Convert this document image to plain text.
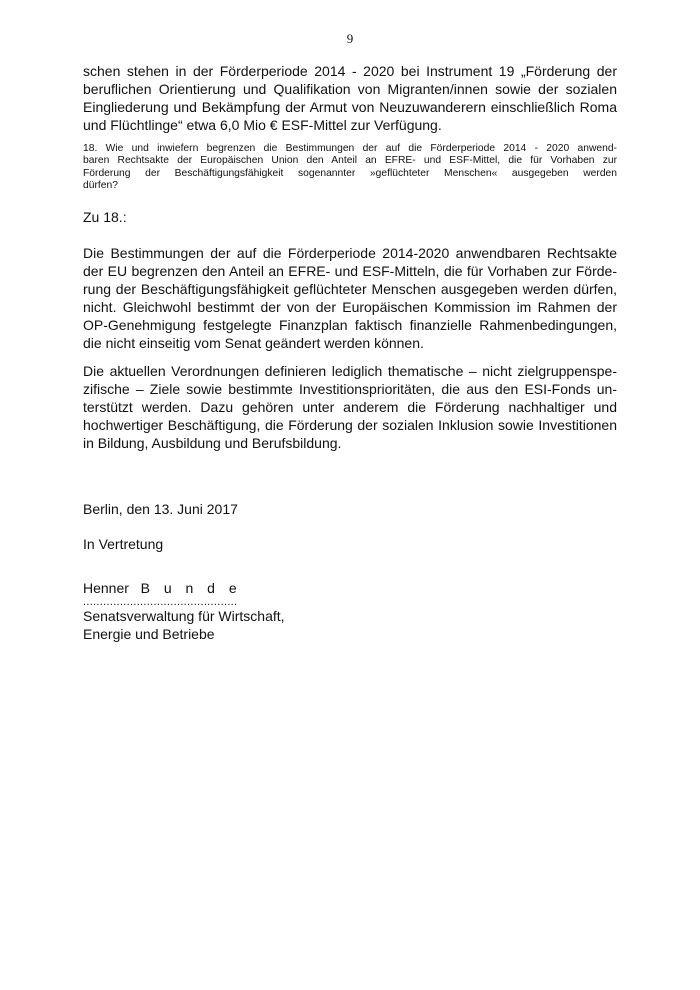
9

schen stehen in der Förderperiode 2014 - 2020 bei Instrument 19 „Förderung der
beruflichen Orientierung und Qualifikation von Migranten/innen sowie der sozialen
Eingliederung und Bekämpfung der Armut von Neuzuwanderern einschließlich Roma
und Flüchtlinge“ etwa 6,0 Mio € ESF-Mittel zur Verfügung.

18. Wie und inwiefern begrenzen die Bestimmungen der auf die Förderperiode 2014 - 2020 anwend-
baren Rechtsakte der Europäischen Union den Anteil an EFRE- und ESF-Mittel, die für Vorhaben zur
Förderung der Beschäftigungsfähigkeit sogenannter »geflüchteter Menschen« ausgegeben werden
dürfen?

Zu 18.:

Die Bestimmungen der auf die Förderperiode 2014-2020 anwendbaren Rechtsakte
der EU begrenzen den Anteil an EFRE- und ESF-Mitteln, die für Vorhaben zur Förde-
rung der Beschäftigungsfähigkeit geflüchteter Menschen ausgegeben werden dürfen,
nicht. Gleichwohl bestimmt der von der Europäischen Kommission im Rahmen der
OP-Genehmigung festgelegte Finanzplan faktisch finanzielle Rahmenbedingungen,
die nicht einseitig vom Senat geändert werden können.

Die aktuellen Verordnungen definieren lediglich thematische – nicht zielgruppenspe-
zifische – Ziele sowie bestimmte Investitionsprioritäten, die aus den ESI-Fonds un-
terstützt werden. Dazu gehören unter anderem die Förderung nachhaltiger und
hochwertiger Beschäftigung, die Förderung der sozialen Inklusion sowie Investitionen
in Bildung, Ausbildung und Berufsbildung.

Berlin, den 13. Juni 2017
In Vertretung
Henner B u n d e
..............................................
Senatsverwaltung für Wirtschaft,
Energie und Betriebe
